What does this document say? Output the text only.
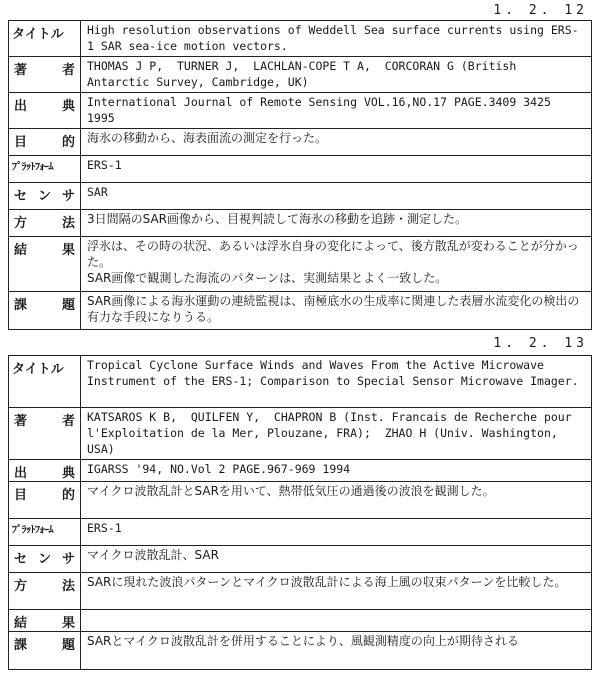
1. 2. 12
タイトル	High resolution observations of Weddell Sea surface currents using ERS-1 SAR sea-ice motion vectors.

著 者	THOMAS J P,  TURNER J,  LACHLAN-COPE T A,  CORCORAN G (British Antarctic Survey, Cambridge, UK)

出 典	International Journal of Remote Sensing VOL.16,NO.17 PAGE.3409 3425 1995

目 的	海氷の移動から、海表面流の測定を行った。
ﾌﾟﾗｯﾄﾌｫｰﾑ	ERS-1

セ ン サ	SAR

方 法	3日間隔のSAR画像から、目視判読して海氷の移動を追跡・測定した。

結 果	浮氷は、その時の状況、あるいは浮氷自身の変化によって、後方散乱が変わることが分かった。
SAR画像で観測した海流のパターンは、実測結果とよく一致した。

課 題	SAR画像による海氷運動の連続監視は、南極底水の生成率に関連した表層水流変化の検出の有力な手段になりうる。
1. 2. 13
タイトル	Tropical Cyclone Surface Winds and Waves From the Active Microwave Instrument of the ERS-1; Comparison to Special Sensor Microwave Imager.

著 者	KATSAROS K B,  QUILFEN Y,  CHAPRON B (Inst. Francais de Recherche pour l'Exploitation de la Mer, Plouzane, FRA);  ZHAO H (Univ. Washington, USA)

出 典	IGARSS '94, NO.Vol 2 PAGE.967-969 1994

目 的	マイクロ波散乱計とSARを用いて、熱帯低気圧の通過後の波浪を観測した。
ﾌﾟﾗｯﾄﾌｫｰﾑ	ERS-1

セ ン サ	マイクロ波散乱計、SAR

方 法	SARに現れた波浪パターンとマイクロ波散乱計による海上風の収束パターンを比較した。

結 果	

課 題	SARとマイクロ波散乱計を併用することにより、風観測精度の向上が期待される
